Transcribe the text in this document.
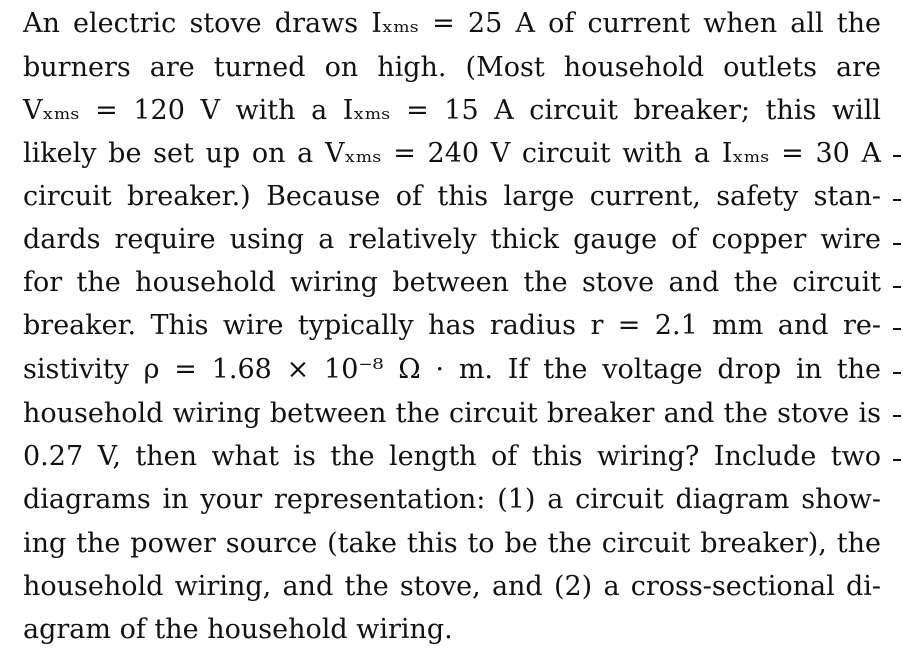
An electric stove draws Iₓₘₛ = 25 A of current when all the
burners are turned on high. (Most household outlets are
Vₓₘₛ = 120 V with a Iₓₘₛ = 15 A circuit breaker; this will
likely be set up on a Vₓₘₛ = 240 V circuit with a Iₓₘₛ = 30 A
circuit breaker.) Because of this large current, safety stan-
dards require using a relatively thick gauge of copper wire
for the household wiring between the stove and the circuit
breaker. This wire typically has radius r = 2.1 mm and re-
sistivity ρ = 1.68 × 10⁻⁸ Ω · m. If the voltage drop in the
household wiring between the circuit breaker and the stove is
0.27 V, then what is the length of this wiring? Include two
diagrams in your representation: (1) a circuit diagram show-
ing the power source (take this to be the circuit breaker), the
household wiring, and the stove, and (2) a cross-sectional di-
agram of the household wiring.
